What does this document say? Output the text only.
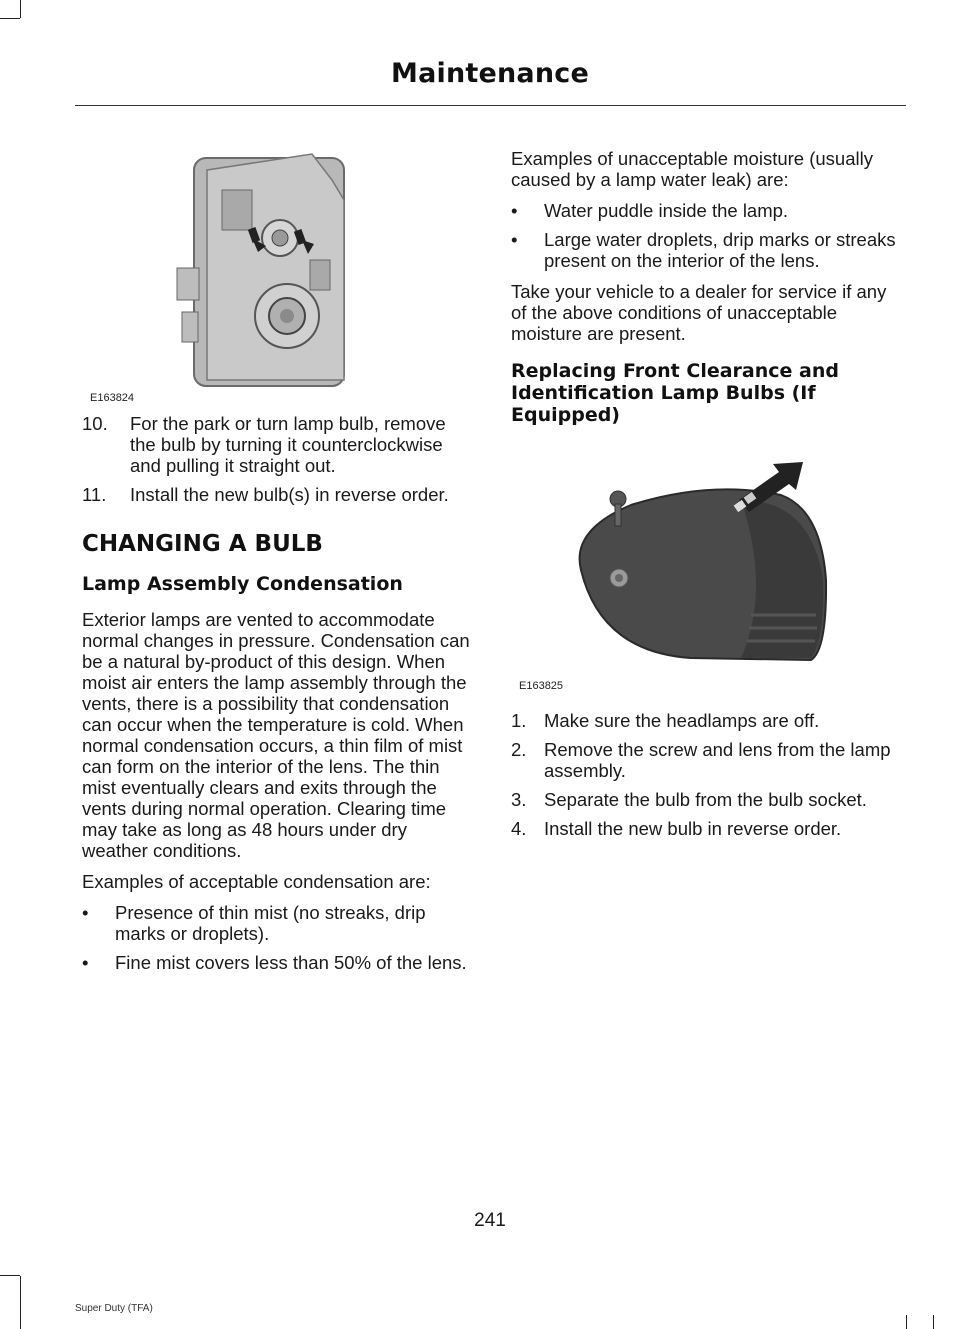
Maintenance
E163824
10.	For the park or turn lamp bulb, remove the bulb by turning it counterclockwise and pulling it straight out.
11.	Install the new bulb(s) in reverse order.
CHANGING A BULB
Lamp Assembly Condensation

Exterior lamps are vented to accommodate normal changes in pressure. Condensation can be a natural by-product of this design. When moist air enters the lamp assembly through the vents, there is a possibility that condensation can occur when the temperature is cold. When normal condensation occurs, a thin film of mist can form on the interior of the lens. The thin mist eventually clears and exits through the vents during normal operation. Clearing time may take as long as 48 hours under dry weather conditions.

Examples of acceptable condensation are:

•	Presence of thin mist (no streaks, drip marks or droplets).
•	Fine mist covers less than 50% of the lens.

Examples of unacceptable moisture (usually caused by a lamp water leak) are:

•	Water puddle inside the lamp.
•	Large water droplets, drip marks or streaks present on the interior of the lens.

Take your vehicle to a dealer for service if any of the above conditions of unacceptable moisture are present.

Replacing Front Clearance and Identification Lamp Bulbs (If Equipped)
E163825
1. Make sure the headlamps are off.
2. Remove the screw and lens from the lamp assembly.
3. Separate the bulb from the bulb socket.
4. Install the new bulb in reverse order.
241
Super Duty (TFA)
